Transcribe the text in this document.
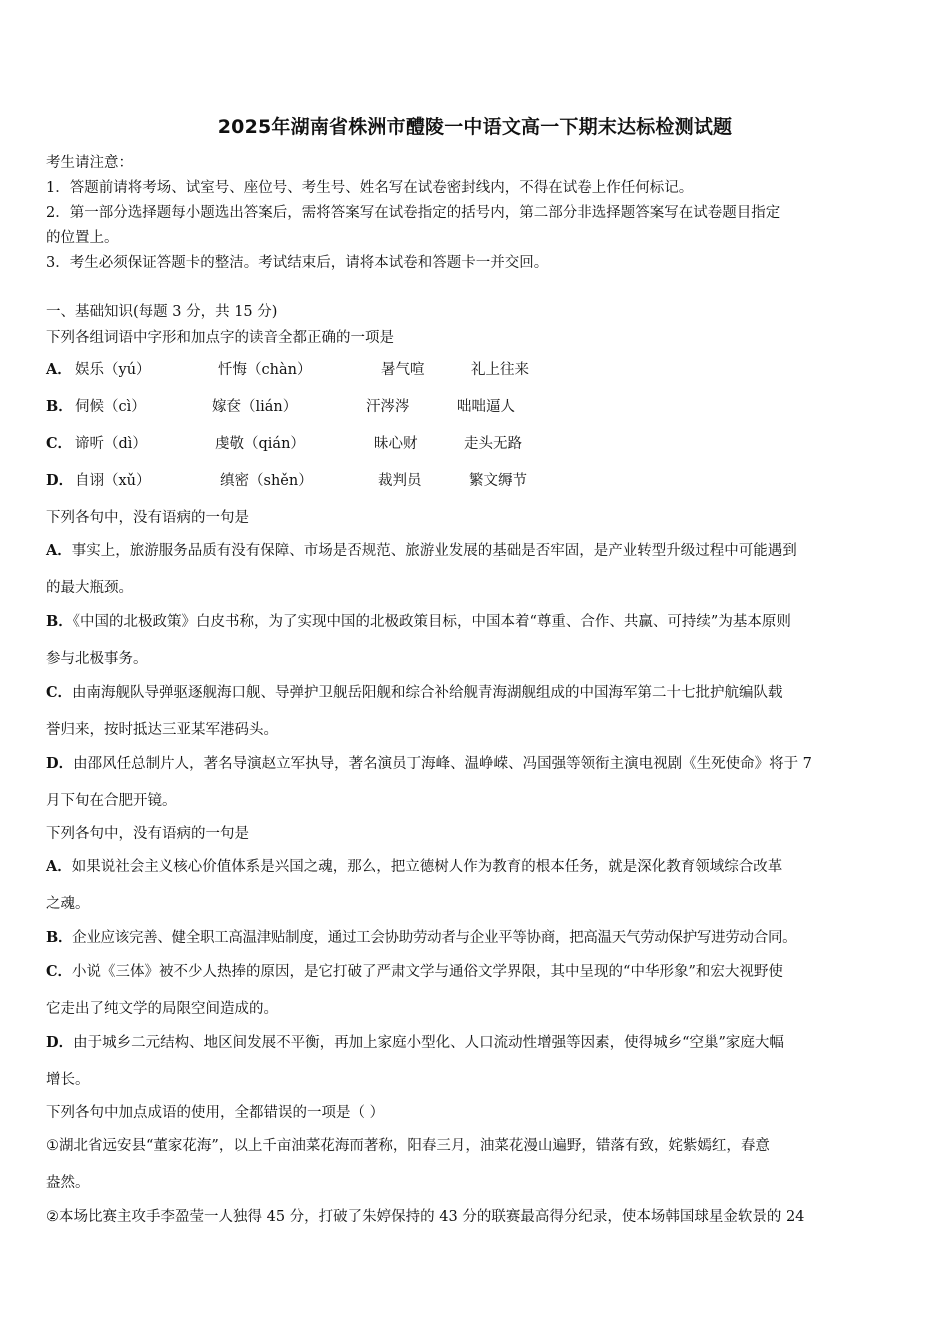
2025年湖南省株洲市醴陵一中语文高一下期末达标检测试题
考生请注意：
1．答题前请将考场、试室号、座位号、考生号、姓名写在试卷密封线内，不得在试卷上作任何标记。
2．第一部分选择题每小题选出答案后，需将答案写在试卷指定的括号内，第二部分非选择题答案写在试卷题目指定
的位置上。
3．考生必须保证答题卡的整洁。考试结束后，请将本试卷和答题卡一并交回。
一、基础知识(每题 3 分，共 15 分)
下列各组词语中字形和加点字的读音全都正确的一项是
A． 娱乐（yú）	忏悔（chàn）	暑气喧	礼上往来
B． 伺候（cì）	嫁奁（lián）	汗涔涔	咄咄逼人
C． 谛听（dì）	虔敬（qián）	昧心财	走头无路
D． 自诩（xǔ）	缜密（shěn）	裁判员	繁文缛节
下列各句中，没有语病的一句是
A．事实上，旅游服务品质有没有保障、市场是否规范、旅游业发展的基础是否牢固，是产业转型升级过程中可能遇到
的最大瓶颈。
B．《中国的北极政策》白皮书称，为了实现中国的北极政策目标，中国本着“尊重、合作、共赢、可持续”为基本原则
参与北极事务。
C．由南海舰队导弹驱逐舰海口舰、导弹护卫舰岳阳舰和综合补给舰青海湖舰组成的中国海军第二十七批护航编队载
誉归来，按时抵达三亚某军港码头。
D．由邵风任总制片人，著名导演赵立军执导，著名演员丁海峰、温峥嵘、冯国强等领衔主演电视剧《生死使命》将于 7
月下旬在合肥开镜。
下列各句中，没有语病的一句是
A．如果说社会主义核心价值体系是兴国之魂，那么，把立德树人作为教育的根本任务，就是深化教育领域综合改革
之魂。
B．企业应该完善、健全职工高温津贴制度，通过工会协助劳动者与企业平等协商，把高温天气劳动保护写进劳动合同。
C．小说《三体》被不少人热捧的原因，是它打破了严肃文学与通俗文学界限，其中呈现的“中华形象”和宏大视野使
它走出了纯文学的局限空间造成的。
D．由于城乡二元结构、地区间发展不平衡，再加上家庭小型化、人口流动性增强等因素，使得城乡“空巢”家庭大幅
增长。
下列各句中加点成语的使用，全都错误的一项是（ ）
①湖北省远安县“董家花海”，以上千亩油菜花海而著称，阳春三月，油菜花漫山遍野，错落有致，姹紫嫣红，春意
盎然。
②本场比赛主攻手李盈莹一人独得 45 分，打破了朱婷保持的 43 分的联赛最高得分纪录，使本场韩国球星金软景的 24
